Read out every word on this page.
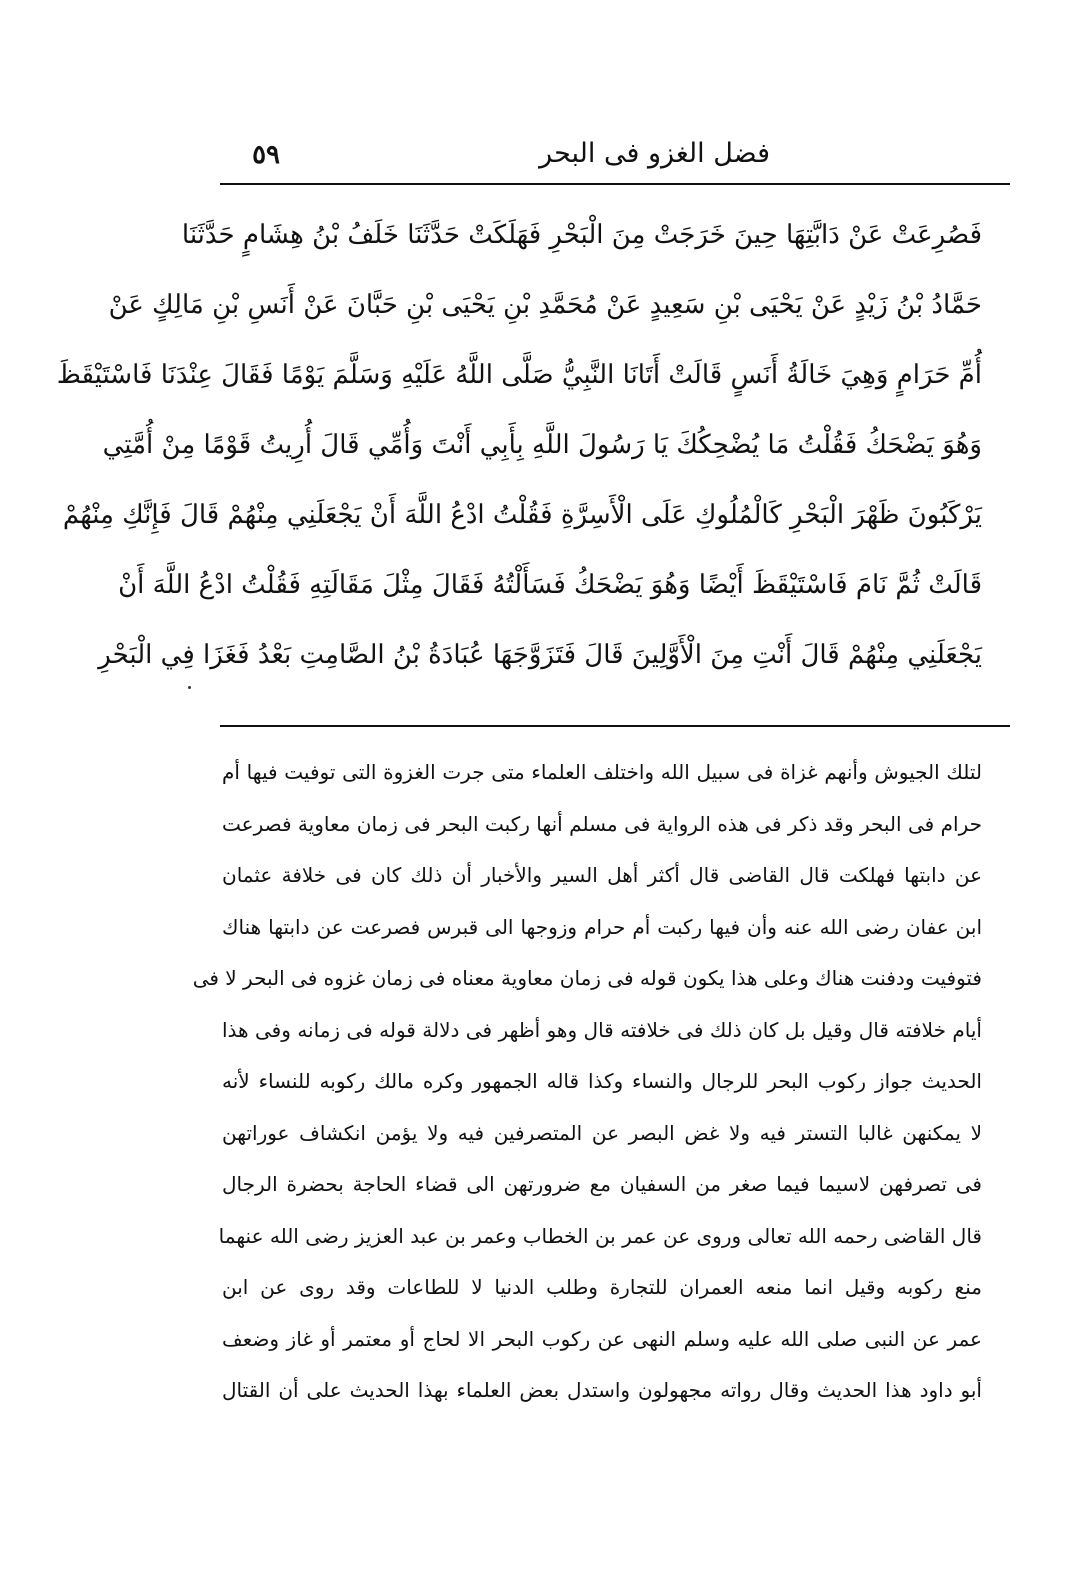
٥٩	فضل الغزو فى البحر
فَصُرِعَتْ عَنْ دَابَّتِهَا حِينَ خَرَجَتْ مِنَ الْبَحْرِ فَهَلَكَتْ حَدَّثَنَا خَلَفُ بْنُ هِشَامٍ حَدَّثَنَا
حَمَّادُ بْنُ زَيْدٍ عَنْ يَحْيَى بْنِ سَعِيدٍ عَنْ مُحَمَّدِ بْنِ يَحْيَى بْنِ حَبَّانَ عَنْ أَنَسِ بْنِ مَالِكٍ عَنْ
أُمِّ حَرَامٍ وَهِيَ خَالَةُ أَنَسٍ قَالَتْ أَتَانَا النَّبِيُّ صَلَّى اللَّهُ عَلَيْهِ وَسَلَّمَ يَوْمًا فَقَالَ عِنْدَنَا فَاسْتَيْقَظَ
وَهُوَ يَضْحَكُ فَقُلْتُ مَا يُضْحِكُكَ يَا رَسُولَ اللَّهِ بِأَبِي أَنْتَ وَأُمِّي قَالَ أُرِيتُ قَوْمًا مِنْ أُمَّتِي
يَرْكَبُونَ ظَهْرَ الْبَحْرِ كَالْمُلُوكِ عَلَى الْأَسِرَّةِ فَقُلْتُ ادْعُ اللَّهَ أَنْ يَجْعَلَنِي مِنْهُمْ قَالَ فَإِنَّكِ مِنْهُمْ
قَالَتْ ثُمَّ نَامَ فَاسْتَيْقَظَ أَيْضًا وَهُوَ يَضْحَكُ فَسَأَلْتُهُ فَقَالَ مِثْلَ مَقَالَتِهِ فَقُلْتُ ادْعُ اللَّهَ أَنْ
يَجْعَلَنِي مِنْهُمْ قَالَ أَنْتِ مِنَ الْأَوَّلِينَ قَالَ فَتَزَوَّجَهَا عُبَادَةُ بْنُ الصَّامِتِ بَعْدُ فَغَزَا فِي الْبَحْرِ
لتلك الجيوش وأنهم غزاة فى سبيل الله واختلف العلماء متى جرت الغزوة التى توفيت فيها أم
حرام فى البحر وقد ذكر فى هذه الرواية فى مسلم أنها ركبت البحر فى زمان معاوية فصرعت
عن دابتها فهلكت قال القاضى قال أكثر أهل السير والأخبار أن ذلك كان فى خلافة عثمان
ابن عفان رضى الله عنه وأن فيها ركبت أم حرام وزوجها الى قبرس فصرعت عن دابتها هناك
فتوفيت ودفنت هناك وعلى هذا يكون قوله فى زمان معاوية معناه فى زمان غزوه فى البحر لا فى
أيام خلافته قال وقيل بل كان ذلك فى خلافته قال وهو أظهر فى دلالة قوله فى زمانه وفى هذا
الحديث جواز ركوب البحر للرجال والنساء وكذا قاله الجمهور وكره مالك ركوبه للنساء لأنه
لا يمكنهن غالبا التستر فيه ولا غض البصر عن المتصرفين فيه ولا يؤمن انكشاف عوراتهن
فى تصرفهن لاسيما فيما صغر من السفيان مع ضرورتهن الى قضاء الحاجة بحضرة الرجال
قال القاضى رحمه الله تعالى وروى عن عمر بن الخطاب وعمر بن عبد العزيز رضى الله عنهما
منع ركوبه وقيل انما منعه العمران للتجارة وطلب الدنيا لا للطاعات وقد روى عن ابن
عمر عن النبى صلى الله عليه وسلم النهى عن ركوب البحر الا لحاج أو معتمر أو غاز وضعف
أبو داود هذا الحديث وقال رواته مجهولون واستدل بعض العلماء بهذا الحديث على أن القتال
